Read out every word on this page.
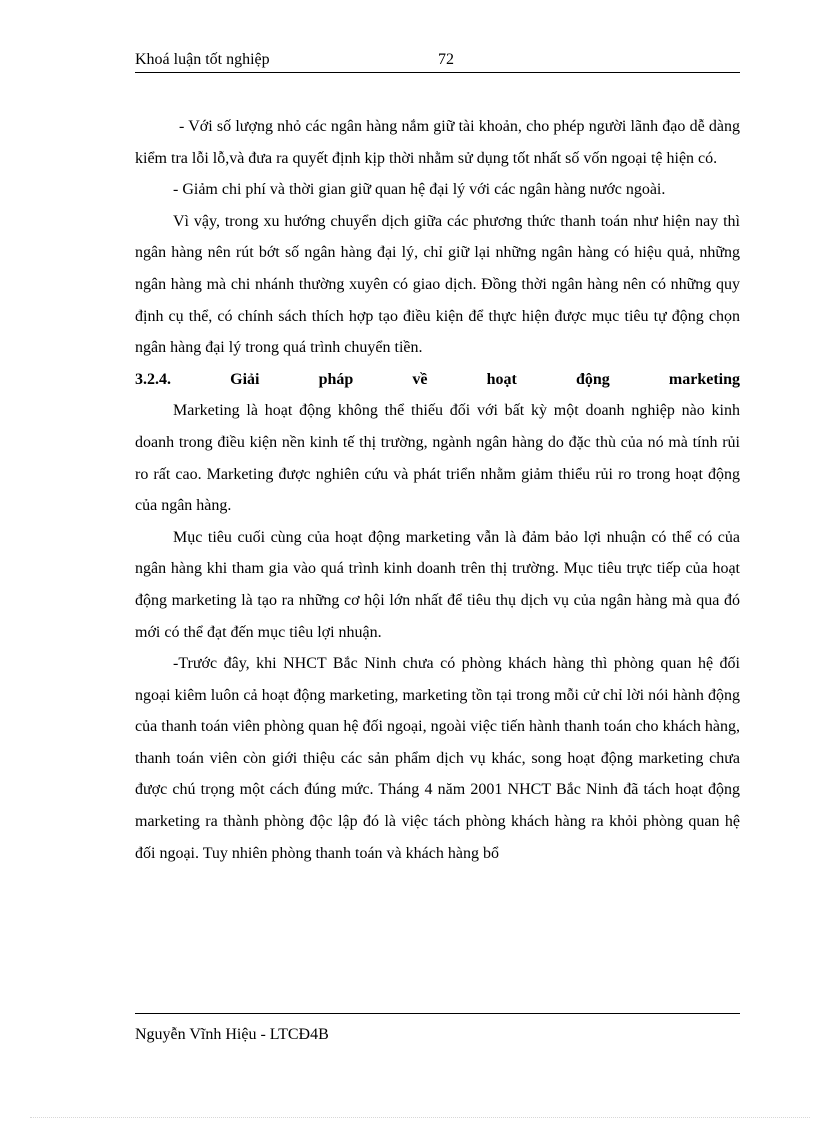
Khoá luận tốt nghiệp	72

- Với số lượng nhỏ các ngân hàng nắm giữ tài khoản, cho phép người lãnh đạo dễ dàng kiểm tra lỗi lỗ,và đưa ra quyết định kịp thời nhằm sử dụng tốt nhất số vốn ngoại tệ hiện có.

- Giảm chi phí và thời gian giữ quan hệ đại lý với các ngân hàng nước ngoài.

Vì vậy, trong xu hướng chuyển dịch giữa các phương thức thanh toán như hiện nay thì ngân hàng nên rút bớt số ngân hàng đại lý, chỉ giữ lại những ngân hàng có hiệu quả, những ngân hàng mà chi nhánh thường xuyên có giao dịch. Đồng thời ngân hàng nên có những quy định cụ thể, có chính sách thích hợp tạo điều kiện để thực hiện được mục tiêu tự động chọn ngân hàng đại lý trong quá trình chuyển tiền.

3.2.4. Giải pháp về hoạt động marketing

Marketing là hoạt động không thể thiếu đối với bất kỳ một doanh nghiệp nào kinh doanh trong điều kiện nền kinh tế thị trường, ngành ngân hàng do đặc thù của nó mà tính rủi ro rất cao. Marketing được nghiên cứu và phát triển nhằm giảm thiểu rủi ro trong hoạt động của ngân hàng.

Mục tiêu cuối cùng của hoạt động marketing vẫn là đảm bảo lợi nhuận có thể có của ngân hàng khi tham gia vào quá trình kinh doanh trên thị trường. Mục tiêu trực tiếp của hoạt động marketing là tạo ra những cơ hội lớn nhất để tiêu thụ dịch vụ của ngân hàng mà qua đó mới có thể đạt đến mục tiêu lợi nhuận.

-Trước đây, khi NHCT Bắc Ninh chưa có phòng khách hàng thì phòng quan hệ đối ngoại kiêm luôn cả hoạt động marketing, marketing tồn tại trong mỗi cử chỉ lời nói hành động của thanh toán viên phòng quan hệ đối ngoại, ngoài việc tiến hành thanh toán cho khách hàng, thanh toán viên còn giới thiệu các sản phẩm dịch vụ khác, song hoạt động marketing chưa được chú trọng một cách đúng mức. Tháng 4 năm 2001 NHCT Bắc Ninh đã tách hoạt động marketing ra thành phòng độc lập đó là việc tách phòng khách hàng ra khỏi phòng quan hệ đối ngoại. Tuy nhiên phòng thanh toán và khách hàng bổ

Nguyễn Vĩnh Hiệu - LTCĐ4B
